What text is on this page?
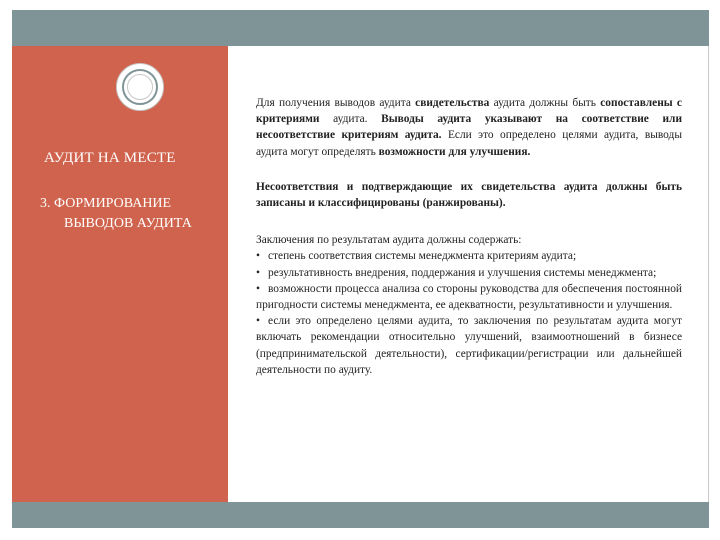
АУДИТ НА МЕСТЕ
3. ФОРМИРОВАНИЕ
ВЫВОДОВ АУДИТА

Для получения выводов аудита свидетельства аудита должны быть сопоставлены с критериями аудита. Выводы аудита указывают на соответствие или несоответствие критериям аудита. Если это определено целями аудита, выводы аудита могут определять возможности для улучшения.

Несоответствия и подтверждающие их свидетельства аудита должны быть записаны и классифицированы (ранжированы).

Заключения по результатам аудита должны содержать:

• степень соответствия системы менеджмента критериям аудита;
• результативность внедрения, поддержания и улучшения системы менеджмента;
• возможности процесса анализа со стороны руководства для обеспечения постоянной пригодности системы менеджмента, ее адекватности, результативности и улучшения.
• если это определено целями аудита, то заключения по результатам аудита могут включать рекомендации относительно улучшений, взаимоотношений в бизнесе (предпринимательской деятельности), сертификации/регистрации или дальнейшей деятельности по аудиту.
